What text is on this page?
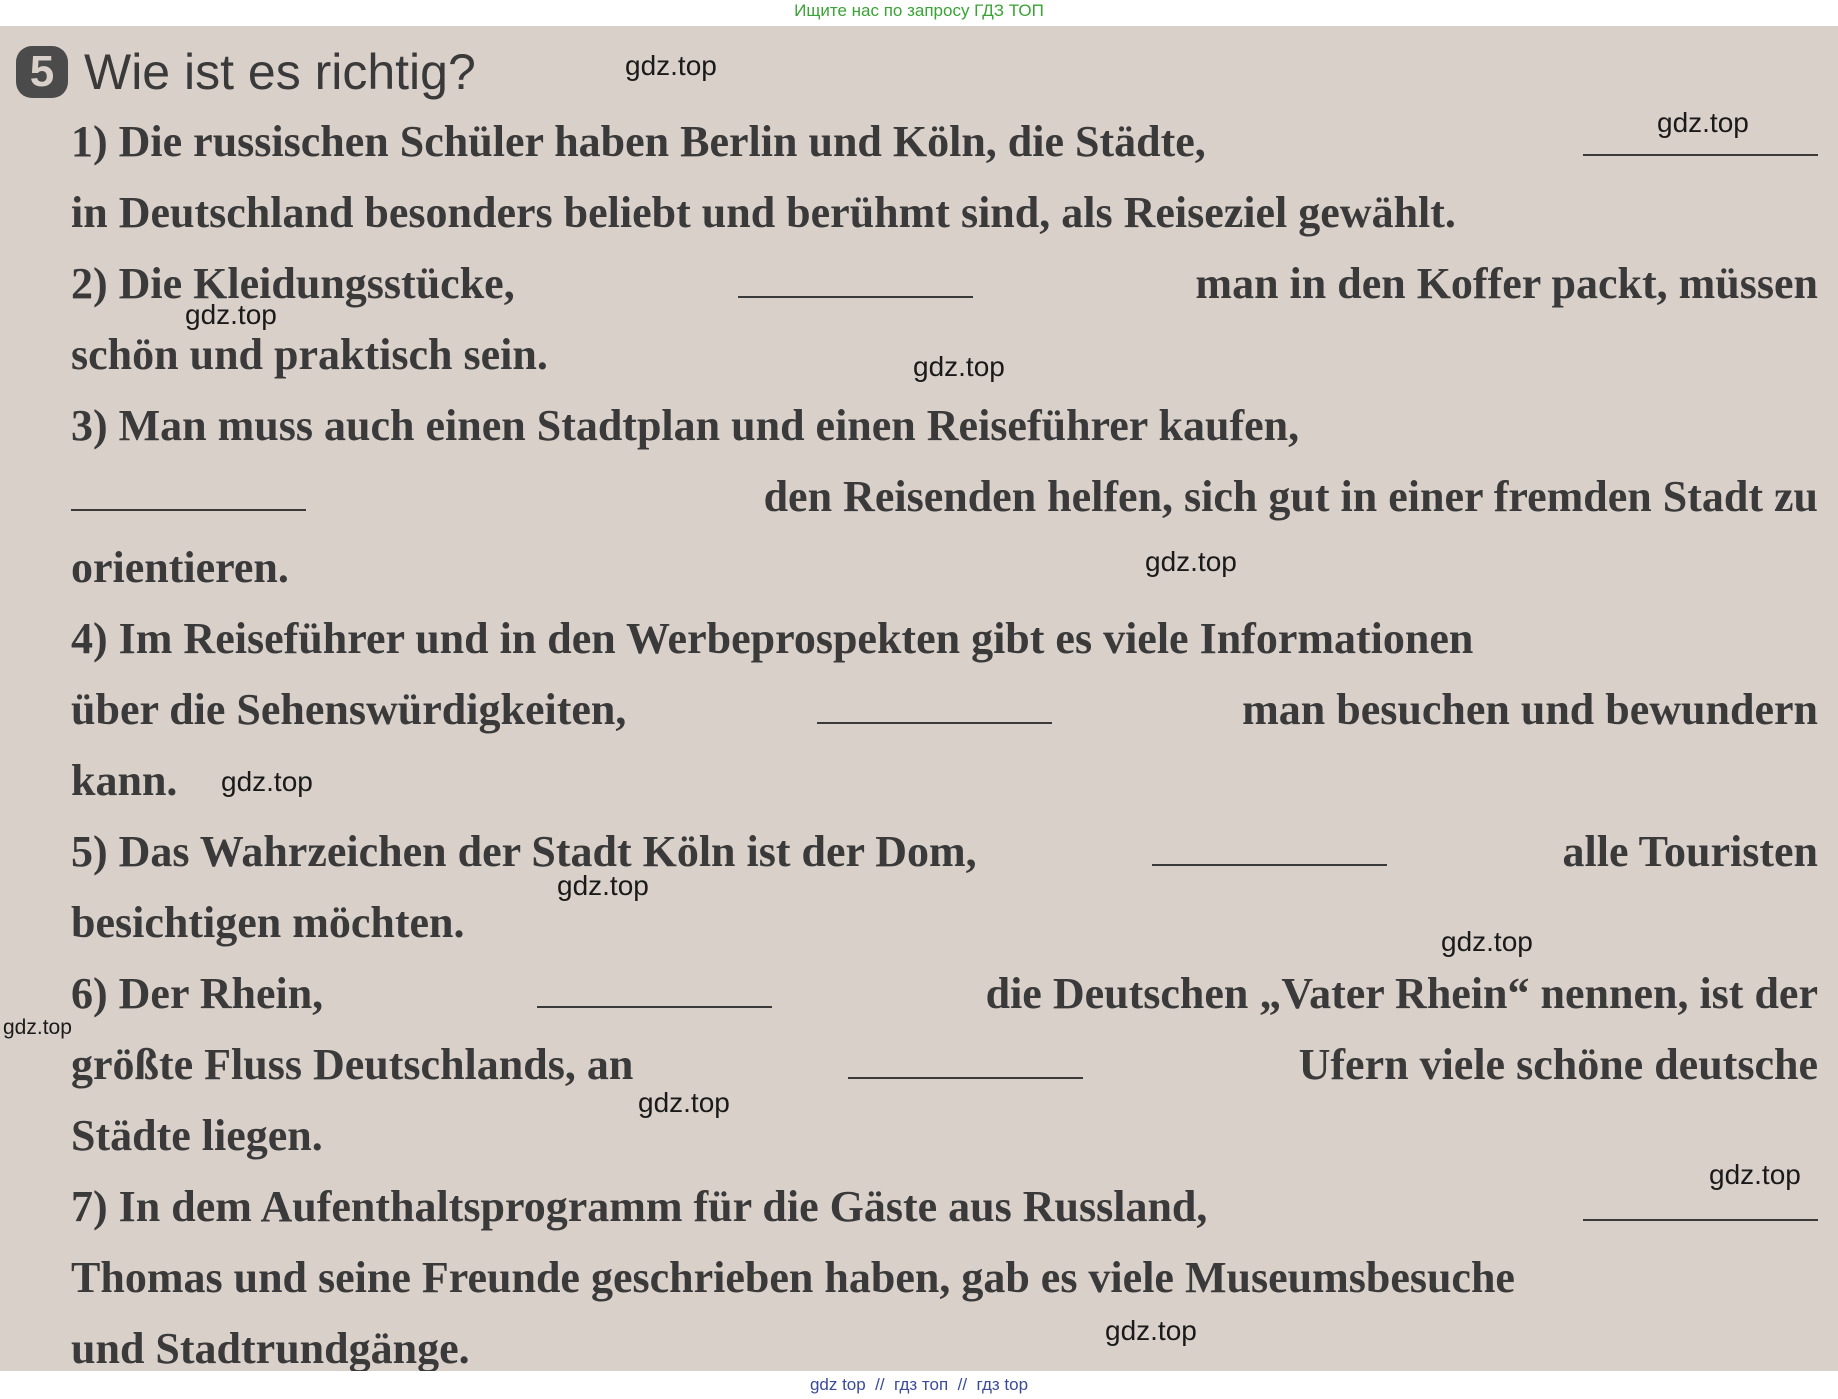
Ищите нас по запросу ГДЗ ТОП
5 Wie ist es richtig?
1) Die russischen Schüler haben Berlin und Köln, die Städte,
in Deutschland besonders beliebt und berühmt sind, als Reiseziel gewählt.
2) Die Kleidungsstücke,	man in den Koffer packt, müssen
schön und praktisch sein.
3) Man muss auch einen Stadtplan und einen Reiseführer kaufen,
den Reisenden helfen, sich gut in einer fremden Stadt zu
orientieren.
4) Im Reiseführer und in den Werbeprospekten gibt es viele Informationen
über die Sehenswürdigkeiten,	man besuchen und bewundern
kann.
5) Das Wahrzeichen der Stadt Köln ist der Dom,	alle Touristen
besichtigen möchten.
6) Der Rhein,	die Deutschen „Vater Rhein“ nennen, ist der
größte Fluss Deutschlands, an	Ufern viele schöne deutsche
Städte liegen.
7) In dem Aufenthaltsprogramm für die Gäste aus Russland,
Thomas und seine Freunde geschrieben haben, gab es viele Museumsbesuche
und Stadtrundgänge.
gdz.top
gdz.top
gdz.top
gdz.top
gdz.top
gdz.top
gdz.top
gdz.top
gdz.top
gdz.top
gdz.top
gdz.top
gdz top  //  гдз топ  //  гдз top
